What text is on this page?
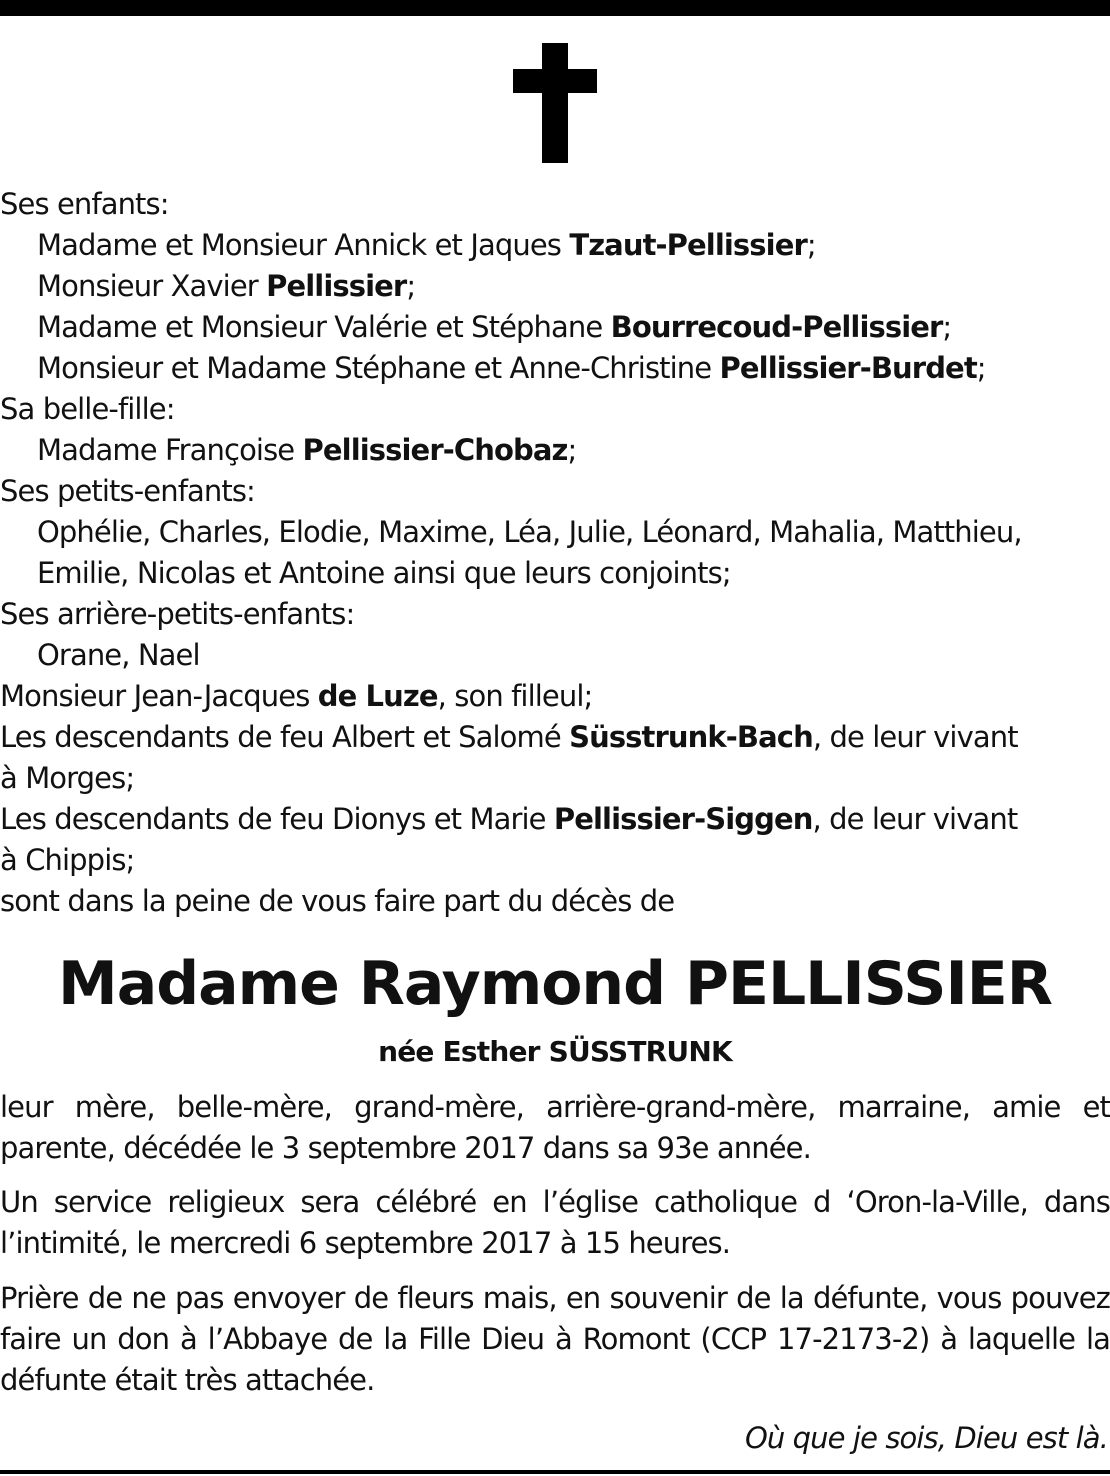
Ses enfants:
Madame et Monsieur Annick et Jaques Tzaut-Pellissier;
Monsieur Xavier Pellissier;
Madame et Monsieur Valérie et Stéphane Bourrecoud-Pellissier;
Monsieur et Madame Stéphane et Anne-Christine Pellissier-Burdet;
Sa belle-fille:
Madame Françoise Pellissier-Chobaz;
Ses petits-enfants:
Ophélie, Charles, Elodie, Maxime, Léa, Julie, Léonard, Mahalia, Matthieu,
Emilie, Nicolas et Antoine ainsi que leurs conjoints;
Ses arrière-petits-enfants:
Orane, Nael
Monsieur Jean-Jacques de Luze, son filleul;
Les descendants de feu Albert et Salomé Süsstrunk-Bach, de leur vivant
à Morges;
Les descendants de feu Dionys et Marie Pellissier-Siggen, de leur vivant
à Chippis;
sont dans la peine de vous faire part du décès de
Madame Raymond PELLISSIER
née Esther SÜSSTRUNK

leur mère, belle-mère, grand-mère, arrière-grand-mère, marraine, amie et parente, décédée le 3 septembre 2017 dans sa 93e année.

Un service religieux sera célébré en l’église catholique d ‘Oron-la-Ville, dans l’intimité, le mercredi 6 septembre 2017 à 15 heures.

Prière de ne pas envoyer de fleurs mais, en souvenir de la défunte, vous pouvez faire un don à l’Abbaye de la Fille Dieu à Romont (CCP 17-2173-2) à laquelle la défunte était très attachée.

Où que je sois, Dieu est là.
